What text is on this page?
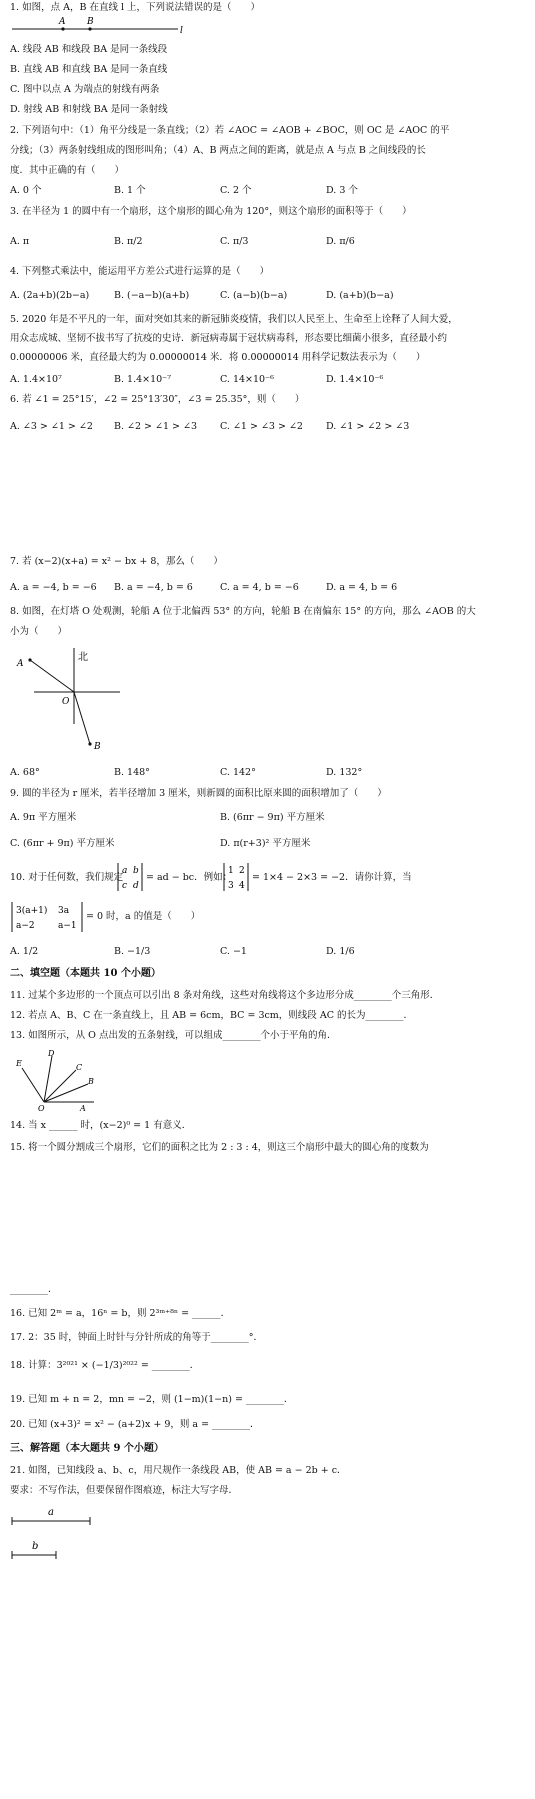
1. 如图，点 A，B 在直线 l 上，下列说法错误的是（　　）
A B
l
A. 线段 AB 和线段 BA 是同一条线段
B. 直线 AB 和直线 BA 是同一条直线
C. 图中以点 A 为端点的射线有两条
D. 射线 AB 和射线 BA 是同一条射线
2. 下列语句中：（1）角平分线是一条直线；（2）若 ∠AOC = ∠AOB + ∠BOC，则 OC 是 ∠AOC 的平
分线；（3）两条射线组成的图形叫角；（4）A、B 两点之间的距离，就是点 A 与点 B 之间线段的长
度．其中正确的有（　　）
A. 0 个	B. 1 个	C. 2 个	D. 3 个
3. 在半径为 1 的圆中有一个扇形，这个扇形的圆心角为 120°，则这个扇形的面积等于（　　）
A. π	B. π/2	C. π/3	D. π/6
4. 下列整式乘法中，能运用平方差公式进行运算的是（　　）
A. (2a+b)(2b−a)	B. (−a−b)(a+b)	C. (a−b)(b−a)	D. (a+b)(b−a)
5. 2020 年是不平凡的一年，面对突如其来的新冠肺炎疫情，我们以人民至上、生命至上诠释了人间大爱，
用众志成城、坚韧不拔书写了抗疫的史诗．新冠病毒属于冠状病毒科，形态要比细菌小很多，直径最小约
0.00000006 米，直径最大约为 0.00000014 米．将 0.00000014 用科学记数法表示为（　　）
A. 1.4×10⁷	B. 1.4×10⁻⁷	C. 14×10⁻⁶	D. 1.4×10⁻⁶
6. 若 ∠1 = 25°15′，∠2 = 25°13′30″，∠3 = 25.35°，则（　　）
A. ∠3 > ∠1 > ∠2 B. ∠2 > ∠1 > ∠3 C. ∠1 > ∠3 > ∠2 D. ∠1 > ∠2 > ∠3
7. 若 (x−2)(x+a) = x² − bx + 8，那么（　　）
A. a = −4, b = −6 B. a = −4, b = 6	C. a = 4, b = −6	D. a = 4, b = 6
8. 如图，在灯塔 O 处观测，轮船 A 位于北偏西 53° 的方向，轮船 B 在南偏东 15° 的方向，那么 ∠AOB 的大
小为（　　）
北
A
O
B
A. 68°	B. 148°	C. 142°	D. 132°
9. 圆的半径为 r 厘米，若半径增加 3 厘米，则新圆的面积比原来圆的面积增加了（　　）
A. 9π 平方厘米	B. (6πr − 9π) 平方厘米
C. (6πr + 9π) 平方厘米	D. π(r+3)² 平方厘米
10. 对于任何数，我们规定
a b
c d
= ad − bc．例如：
1 2
3 4
= 1×4 − 2×3 = −2．请你计算，当
3(a+1) 3a
a−2	a−1
= 0 时，a 的值是（　　）
A. 1/2	B. −1/3	C. −1	D. 1/6
二、填空题（本题共 10 个小题）
11. 过某个多边形的一个顶点可以引出 8 条对角线，这些对角线将这个多边形分成________个三角形．
12. 若点 A、B、C 在一条直线上，且 AB = 6cm，BC = 3cm，则线段 AC 的长为________．
13. 如图所示，从 O 点出发的五条射线，可以组成________个小于平角的角．
E
D
C
B
O	A
14. 当 x ______ 时，(x−2)⁰ = 1 有意义．
15. 将一个圆分割成三个扇形，它们的面积之比为 2 : 3 : 4，则这三个扇形中最大的圆心角的度数为
________．
16. 已知 2ᵐ = a，16ⁿ = b，则 2³ᵐ⁺⁸ⁿ = ______．
17. 2：35 时，钟面上时针与分针所成的角等于________°．
18. 计算：3²⁰²¹ × (−1/3)²⁰²² = ________．
19. 已知 m + n = 2，mn = −2，则 (1−m)(1−n) = ________．
20. 已知 (x+3)² = x² − (a+2)x + 9，则 a = ________．
三、解答题（本大题共 9 个小题）
21. 如图，已知线段 a、b、c，用尺规作一条线段 AB，使 AB = a − 2b + c．
要求：不写作法，但要保留作图痕迹，标注大写字母．
a
b
